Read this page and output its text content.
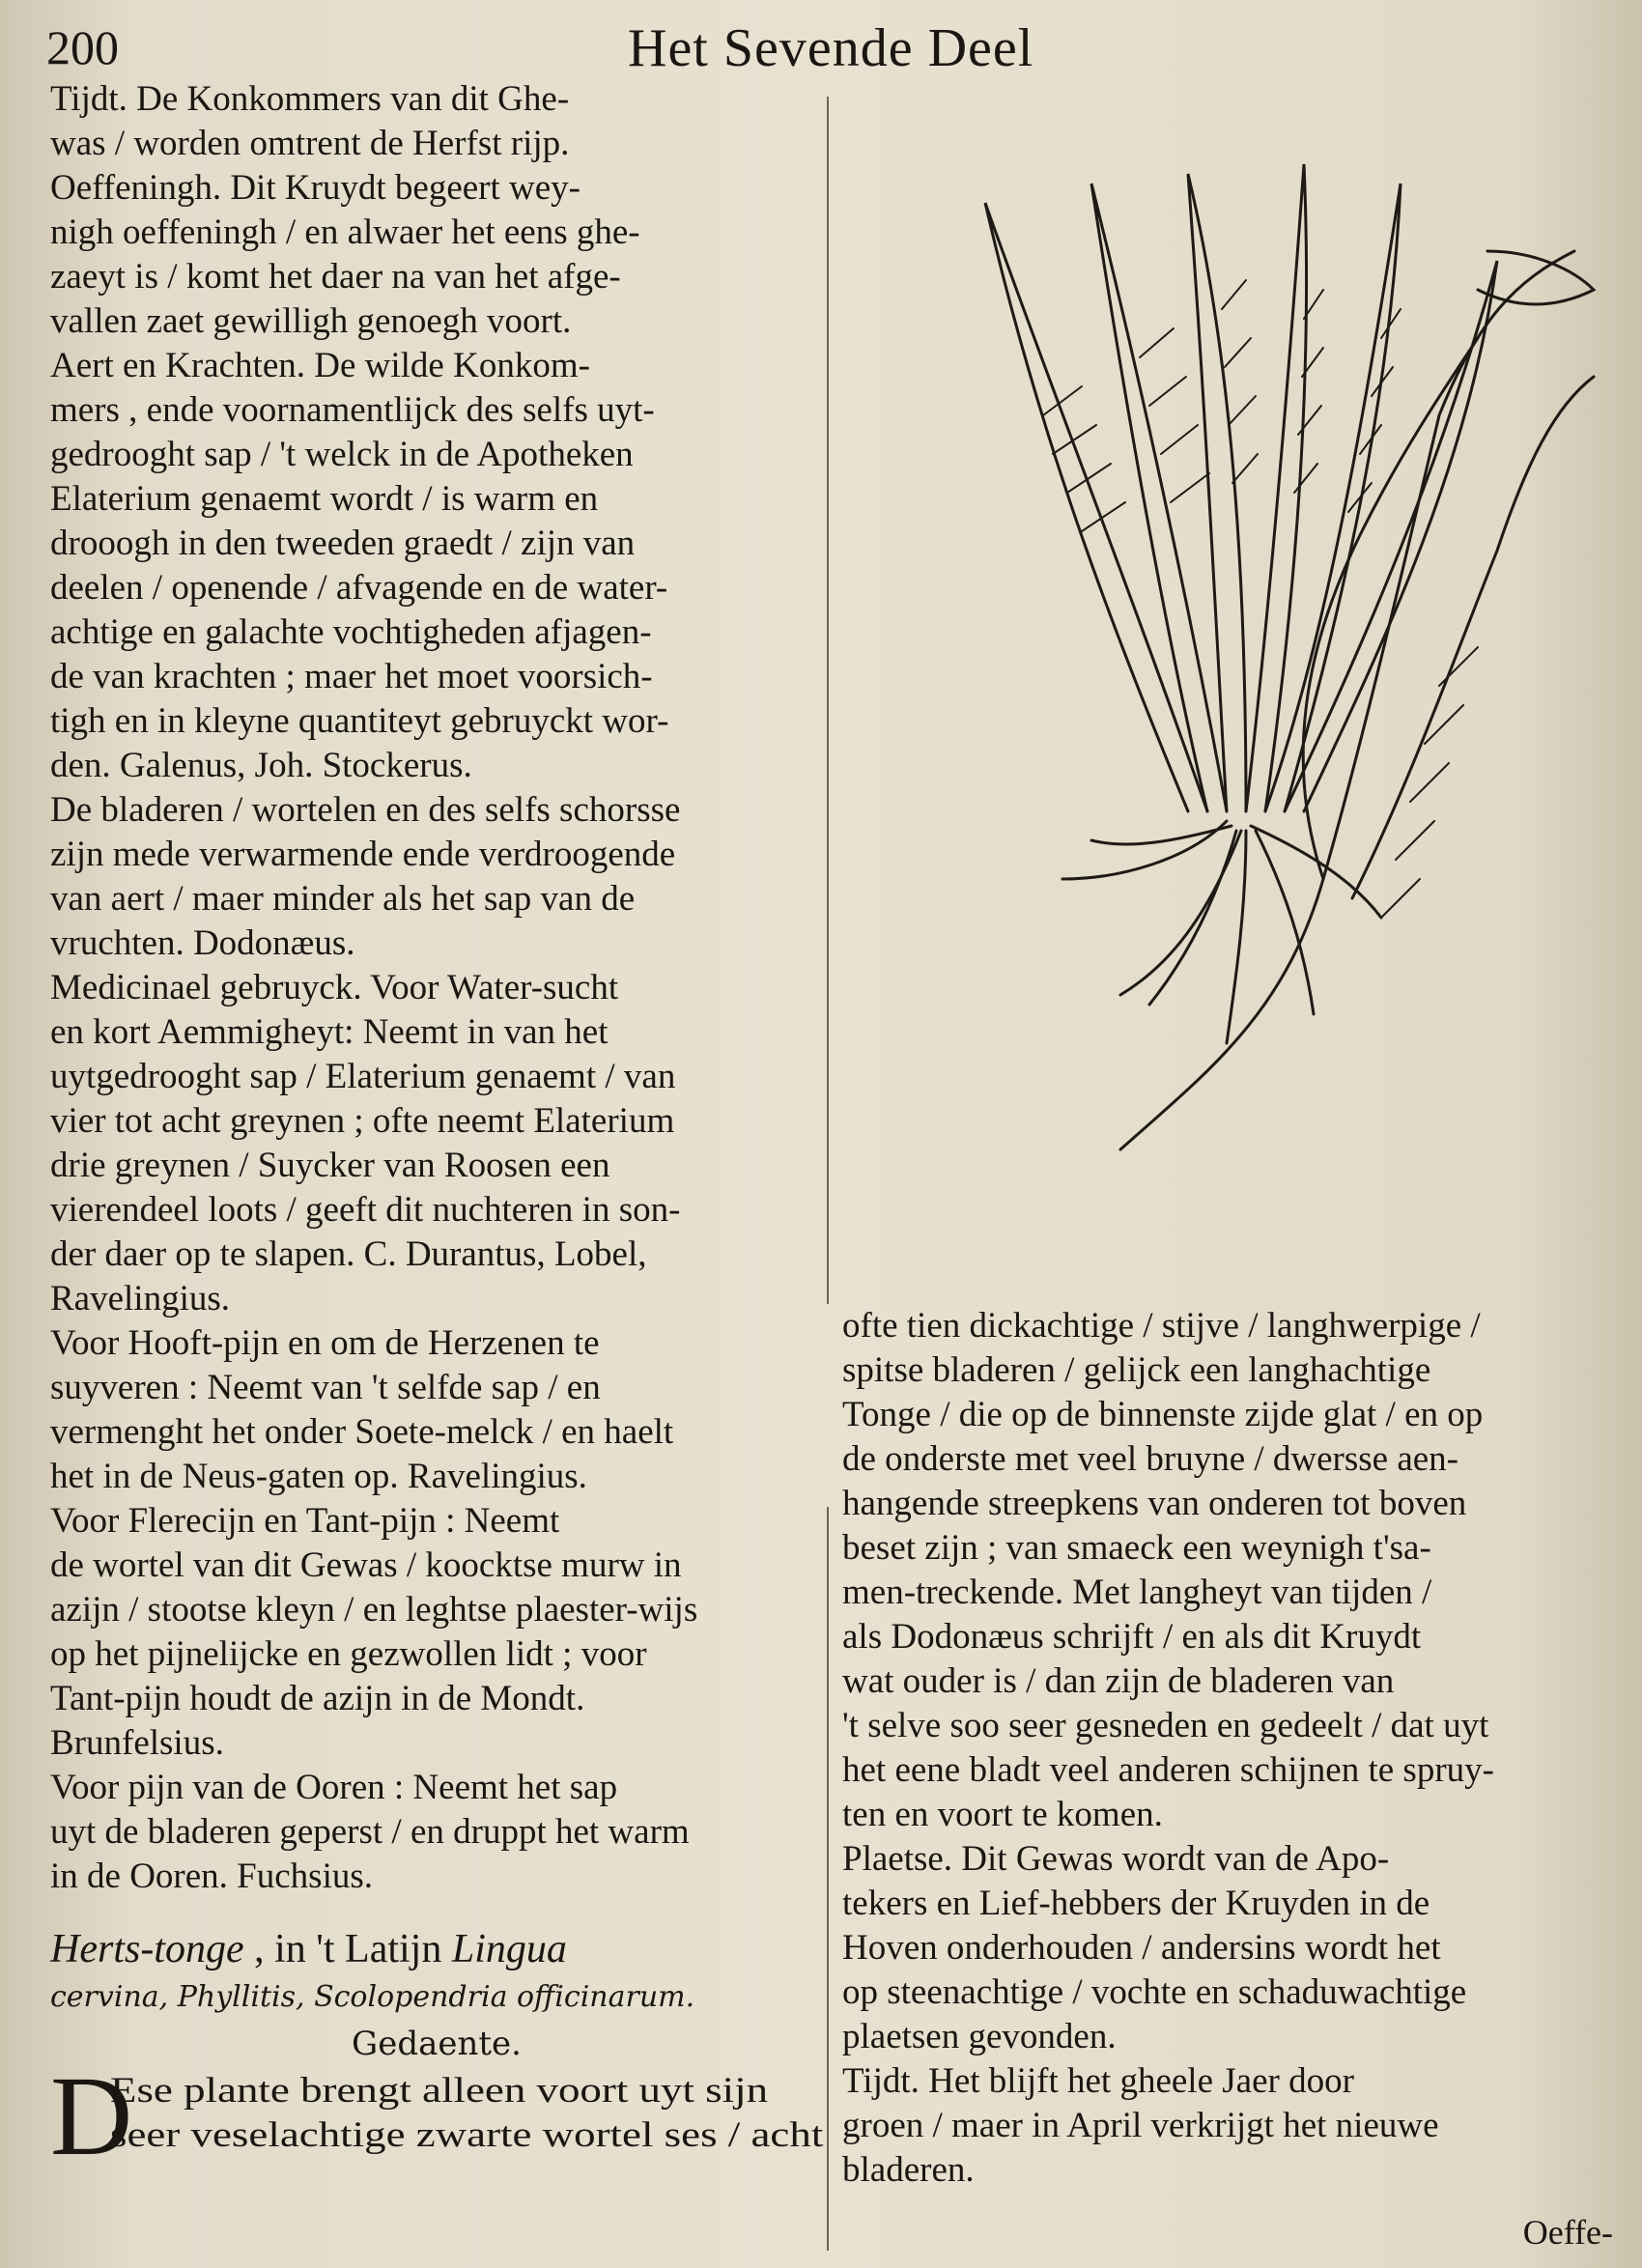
200	Het Sevende Deel
Tijdt. De Konkommers van dit Ghe-
was / worden omtrent de Herfst rijp.
Oeffeningh. Dit Kruydt begeert wey-
nigh oeffeningh / en alwaer het eens ghe-
zaeyt is / komt het daer na van het afge-
vallen zaet gewilligh genoegh voort.
Aert en Krachten. De wilde Konkom-
mers , ende voornamentlijck des selfs uyt-
gedrooght sap / 't welck in de Apotheken
Elaterium genaemt wordt / is warm en
drooogh in den tweeden graedt / zijn van
deelen / openende / afvagende en de water-
achtige en galachte vochtigheden afjagen-
de van krachten ; maer het moet voorsich-
tigh en in kleyne quantiteyt gebruyckt wor-
den. Galenus, Joh. Stockerus.
De bladeren / wortelen en des selfs schorsse
zijn mede verwarmende ende verdroogende
van aert / maer minder als het sap van de
vruchten. Dodonæus.
Medicinael gebruyck. Voor Water-sucht
en kort Aemmigheyt: Neemt in van het
uytgedrooght sap / Elaterium genaemt / van
vier tot acht greynen ; ofte neemt Elaterium
drie greynen / Suycker van Roosen een
vierendeel loots / geeft dit nuchteren in son-
der daer op te slapen. C. Durantus, Lobel,
Ravelingius.
Voor Hooft-pijn en om de Herzenen te
suyveren : Neemt van 't selfde sap / en
vermenght het onder Soete-melck / en haelt
het in de Neus-gaten op. Ravelingius.
Voor Flerecijn en Tant-pijn : Neemt
de wortel van dit Gewas / koocktse murw in
azijn / stootse kleyn / en leghtse plaester-wijs
op het pijnelijcke en gezwollen lidt ; voor
Tant-pijn houdt de azijn in de Mondt.
Brunfelsius.
Voor pijn van de Ooren : Neemt het sap
uyt de bladeren geperst / en druppt het warm
in de Ooren. Fuchsius.
Herts-tonge , in 't Latijn Lingua
cervina, Phyllitis, Scolopendria officinarum.
Gedaente.
D
Ese plante brengt alleen voort uyt sijn
seer veselachtige zwarte wortel ses / acht
ofte tien dickachtige / stijve / langhwerpige /
spitse bladeren / gelijck een langhachtige
Tonge / die op de binnenste zijde glat / en op
de onderste met veel bruyne / dwersse aen-
hangende streepkens van onderen tot boven
beset zijn ; van smaeck een weynigh t'sa-
men-treckende. Met langheyt van tijden /
als Dodonæus schrijft / en als dit Kruydt
wat ouder is / dan zijn de bladeren van
't selve soo seer gesneden en gedeelt / dat uyt
het eene bladt veel anderen schijnen te spruy-
ten en voort te komen.
Plaetse. Dit Gewas wordt van de Apo-
tekers en Lief-hebbers der Kruyden in de
Hoven onderhouden / andersins wordt het
op steenachtige / vochte en schaduwachtige
plaetsen gevonden.
Tijdt. Het blijft het gheele Jaer door
groen / maer in April verkrijgt het nieuwe
bladeren.
Oeffe-
